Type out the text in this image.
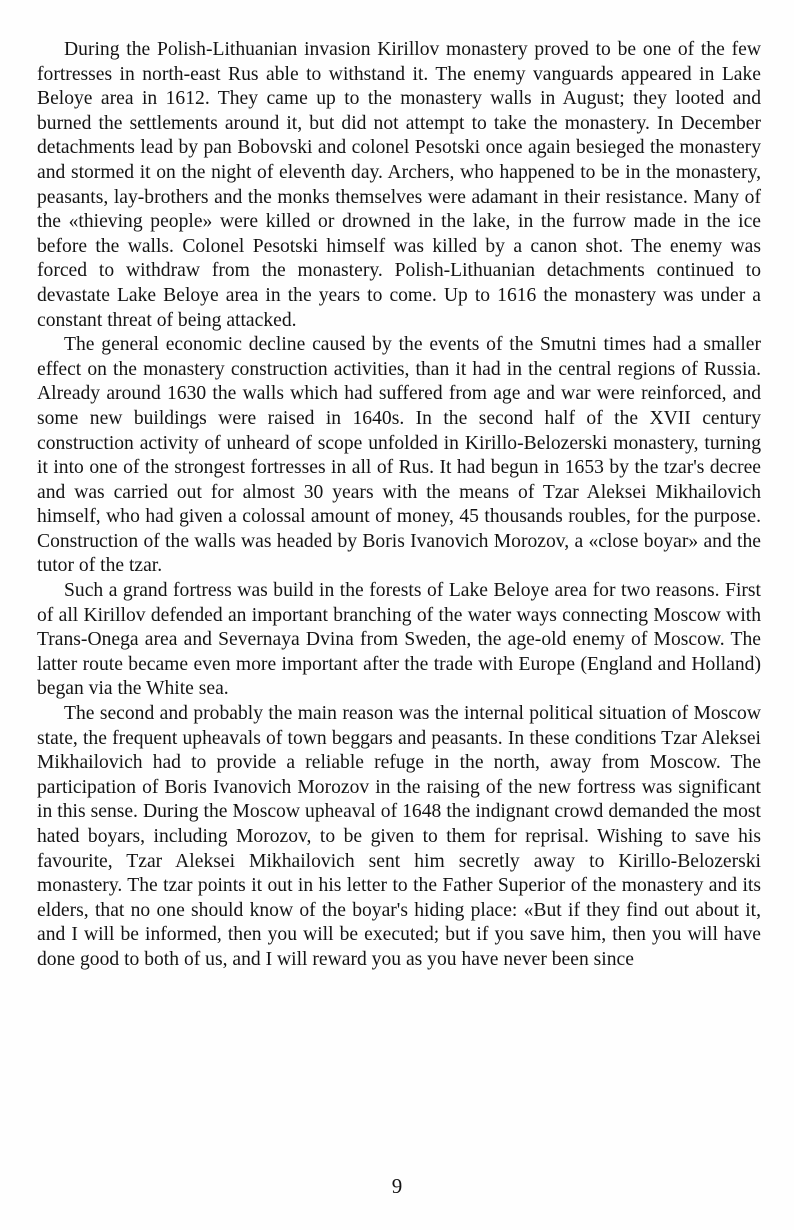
During the Polish-Lithuanian invasion Kirillov monastery proved to be one of the few fortresses in north-east Rus able to withstand it. The enemy vanguards appeared in Lake Beloye area in 1612. They came up to the monastery walls in August; they looted and burned the settlements around it, but did not attempt to take the monastery. In December detachments lead by pan Bobovski and colonel Pesotski once again besieged the monastery and stormed it on the night of eleventh day. Archers, who happened to be in the monastery, peasants, lay-brothers and the monks themselves were adamant in their resistance. Many of the «thieving people» were killed or drowned in the lake, in the furrow made in the ice before the walls. Colonel Pesotski himself was killed by a canon shot. The enemy was forced to withdraw from the monastery. Polish-Lithuanian detachments continued to devastate Lake Beloye area in the years to come. Up to 1616 the monastery was under a constant threat of being attacked.

The general economic decline caused by the events of the Smutni times had a smaller effect on the monastery construction activities, than it had in the central regions of Russia. Already around 1630 the walls which had suffered from age and war were reinforced, and some new buildings were raised in 1640s. In the second half of the XVII century construction activity of unheard of scope unfolded in Kirillo-Belozerski monastery, turning it into one of the strongest fortresses in all of Rus. It had begun in 1653 by the tzar's decree and was carried out for almost 30 years with the means of Tzar Aleksei Mikhailovich himself, who had given a colossal amount of money, 45 thousands roubles, for the purpose. Construction of the walls was headed by Boris Ivanovich Morozov, a «close boyar» and the tutor of the tzar.

Such a grand fortress was build in the forests of Lake Beloye area for two reasons. First of all Kirillov defended an important branching of the water ways connecting Moscow with Trans-Onega area and Severnaya Dvina from Sweden, the age-old enemy of Moscow. The latter route became even more important after the trade with Europe (England and Holland) began via the White sea.

The second and probably the main reason was the internal political situation of Moscow state, the frequent upheavals of town beggars and peasants. In these conditions Tzar Aleksei Mikhailovich had to provide a reliable refuge in the north, away from Moscow. The participation of Boris Ivanovich Morozov in the raising of the new fortress was significant in this sense. During the Moscow upheaval of 1648 the indignant crowd demanded the most hated boyars, including Morozov, to be given to them for reprisal. Wishing to save his favourite, Tzar Aleksei Mikhailovich sent him secretly away to Kirillo-Belozerski monastery. The tzar points it out in his letter to the Father Superior of the monastery and its elders, that no one should know of the boyar's hiding place: «But if they find out about it, and I will be informed, then you will be executed; but if you save him, then you will have done good to both of us, and I will reward you as you have never been since

9
